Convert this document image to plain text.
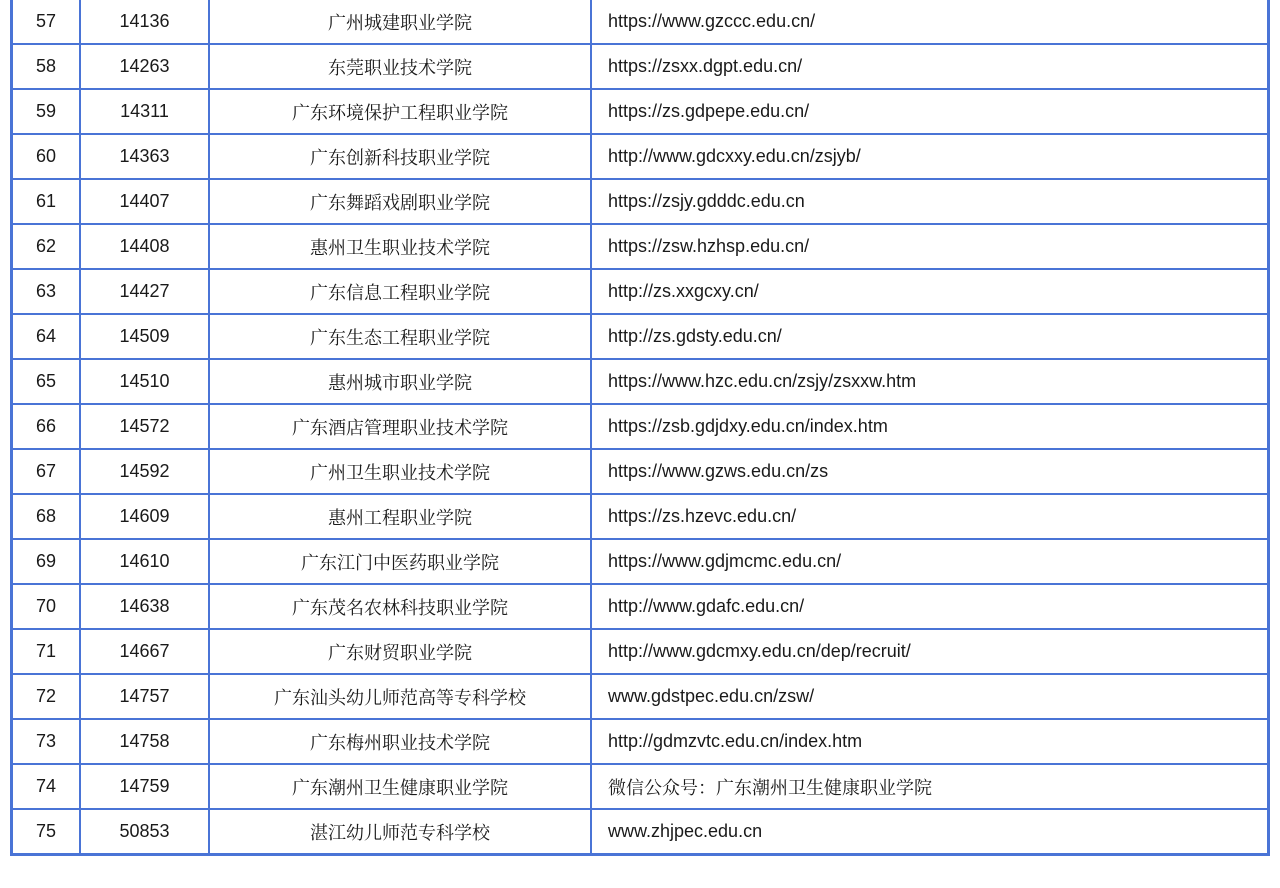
57	14136	广州城建职业学院	https://www.gzccc.edu.cn/
58	14263	东莞职业技术学院	https://zsxx.dgpt.edu.cn/
59	14311	广东环境保护工程职业学院	https://zs.gdpepe.edu.cn/
60	14363	广东创新科技职业学院	http://www.gdcxxy.edu.cn/zsjyb/
61	14407	广东舞蹈戏剧职业学院	https://zsjy.gdddc.edu.cn
62	14408	惠州卫生职业技术学院	https://zsw.hzhsp.edu.cn/
63	14427	广东信息工程职业学院	http://zs.xxgcxy.cn/
64	14509	广东生态工程职业学院	http://zs.gdsty.edu.cn/
65	14510	惠州城市职业学院	https://www.hzc.edu.cn/zsjy/zsxxw.htm
66	14572	广东酒店管理职业技术学院	https://zsb.gdjdxy.edu.cn/index.htm
67	14592	广州卫生职业技术学院	https://www.gzws.edu.cn/zs
68	14609	惠州工程职业学院	https://zs.hzevc.edu.cn/
69	14610	广东江门中医药职业学院	https://www.gdjmcmc.edu.cn/
70	14638	广东茂名农林科技职业学院	http://www.gdafc.edu.cn/
71	14667	广东财贸职业学院	http://www.gdcmxy.edu.cn/dep/recruit/
72	14757	广东汕头幼儿师范高等专科学校	www.gdstpec.edu.cn/zsw/
73	14758	广东梅州职业技术学院	http://gdmzvtc.edu.cn/index.htm
74	14759	广东潮州卫生健康职业学院	微信公众号：广东潮州卫生健康职业学院
75	50853	湛江幼儿师范专科学校	www.zhjpec.edu.cn
